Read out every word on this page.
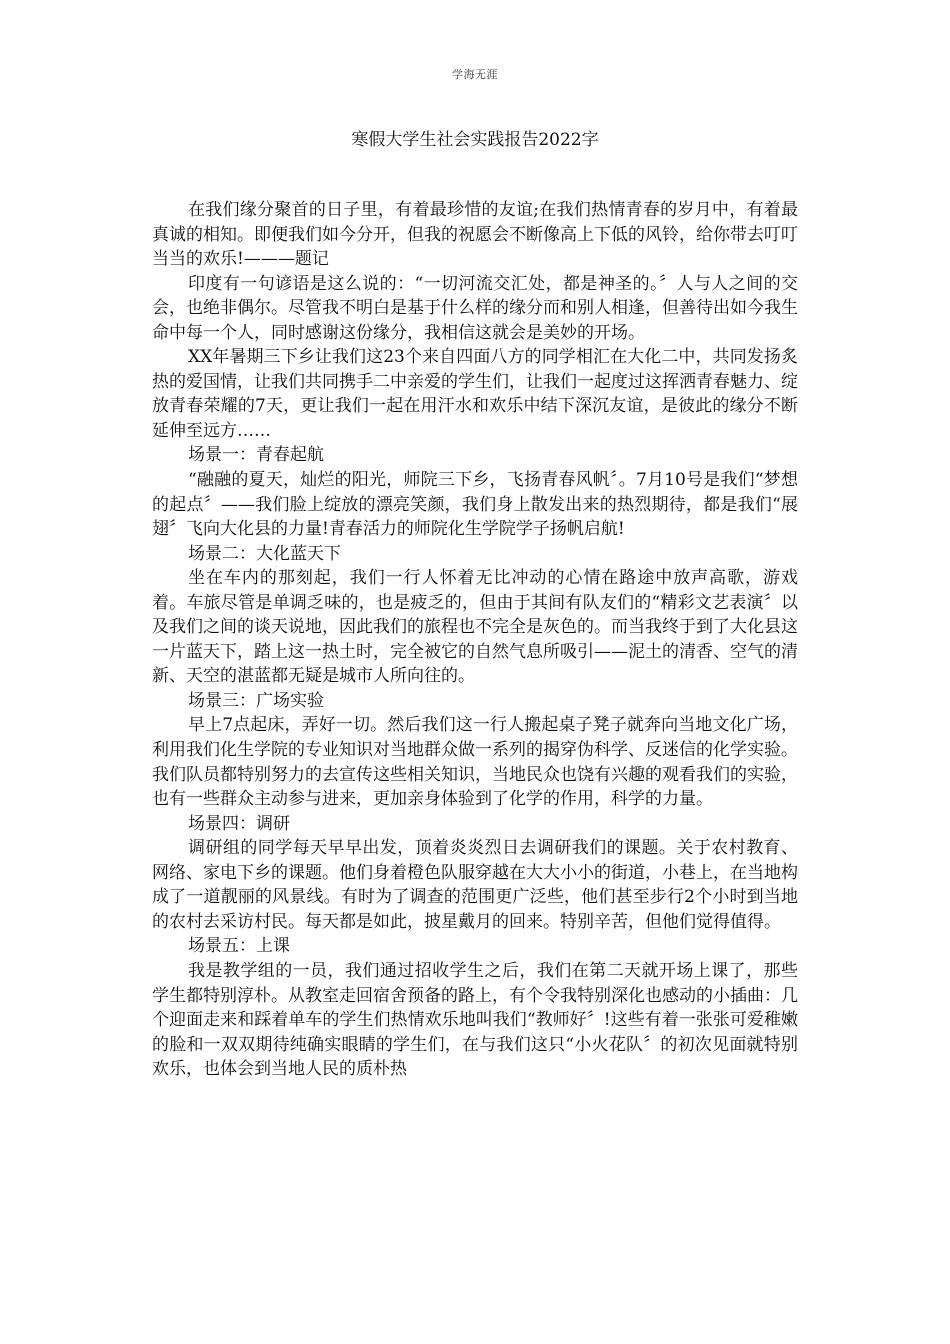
学海无涯
寒假大学生社会实践报告2022字

在我们缘分聚首的日子里，有着最珍惜的友谊;在我们热情青春的岁月中，有着最真诚的相知。即便我们如今分开，但我的祝愿会不断像高上下低的风铃，给你带去叮叮当当的欢乐!———题记

印度有一句谚语是这么说的：“一切河流交汇处，都是神圣的。〞人与人之间的交会，也绝非偶尔。尽管我不明白是基于什么样的缘分而和别人相逢，但善待出如今我生命中每一个人，同时感谢这份缘分，我相信这就会是美妙的开场。

XX年暑期三下乡让我们这23个来自四面八方的同学相汇在大化二中，共同发扬炙热的爱国情，让我们共同携手二中亲爱的学生们，让我们一起度过这挥洒青春魅力、绽放青春荣耀的7天，更让我们一起在用汗水和欢乐中结下深沉友谊，是彼此的缘分不断延伸至远方……

场景一：青春起航

“融融的夏天，灿烂的阳光，师院三下乡，飞扬青春风帆〞。7月10号是我们“梦想的起点〞——我们脸上绽放的漂亮笑颜，我们身上散发出来的热烈期待，都是我们“展翅〞飞向大化县的力量!青春活力的师院化生学院学子扬帆启航!

场景二：大化蓝天下

坐在车内的那刻起，我们一行人怀着无比冲动的心情在路途中放声高歌，游戏着。车旅尽管是单调乏味的，也是疲乏的，但由于其间有队友们的“精彩文艺表演〞以及我们之间的谈天说地，因此我们的旅程也不完全是灰色的。而当我终于到了大化县这一片蓝天下，踏上这一热土时，完全被它的自然气息所吸引——泥土的清香、空气的清新、天空的湛蓝都无疑是城市人所向往的。

场景三：广场实验

早上7点起床，弄好一切。然后我们这一行人搬起桌子凳子就奔向当地文化广场，利用我们化生学院的专业知识对当地群众做一系列的揭穿伪科学、反迷信的化学实验。我们队员都特别努力的去宣传这些相关知识，当地民众也饶有兴趣的观看我们的实验，也有一些群众主动参与进来，更加亲身体验到了化学的作用，科学的力量。

场景四：调研

调研组的同学每天早早出发，顶着炎炎烈日去调研我们的课题。关于农村教育、网络、家电下乡的课题。他们身着橙色队服穿越在大大小小的街道，小巷上，在当地构成了一道靓丽的风景线。有时为了调查的范围更广泛些，他们甚至步行2个小时到当地的农村去采访村民。每天都是如此，披星戴月的回来。特别辛苦，但他们觉得值得。

场景五：上课

我是教学组的一员，我们通过招收学生之后，我们在第二天就开场上课了，那些学生都特别淳朴。从教室走回宿舍预备的路上，有个令我特别深化也感动的小插曲：几个迎面走来和踩着单车的学生们热情欢乐地叫我们“教师好〞!这些有着一张张可爱稚嫩的脸和一双双期待纯确实眼睛的学生们，在与我们这只“小火花队〞的初次见面就特别欢乐，也体会到当地人民的质朴热
